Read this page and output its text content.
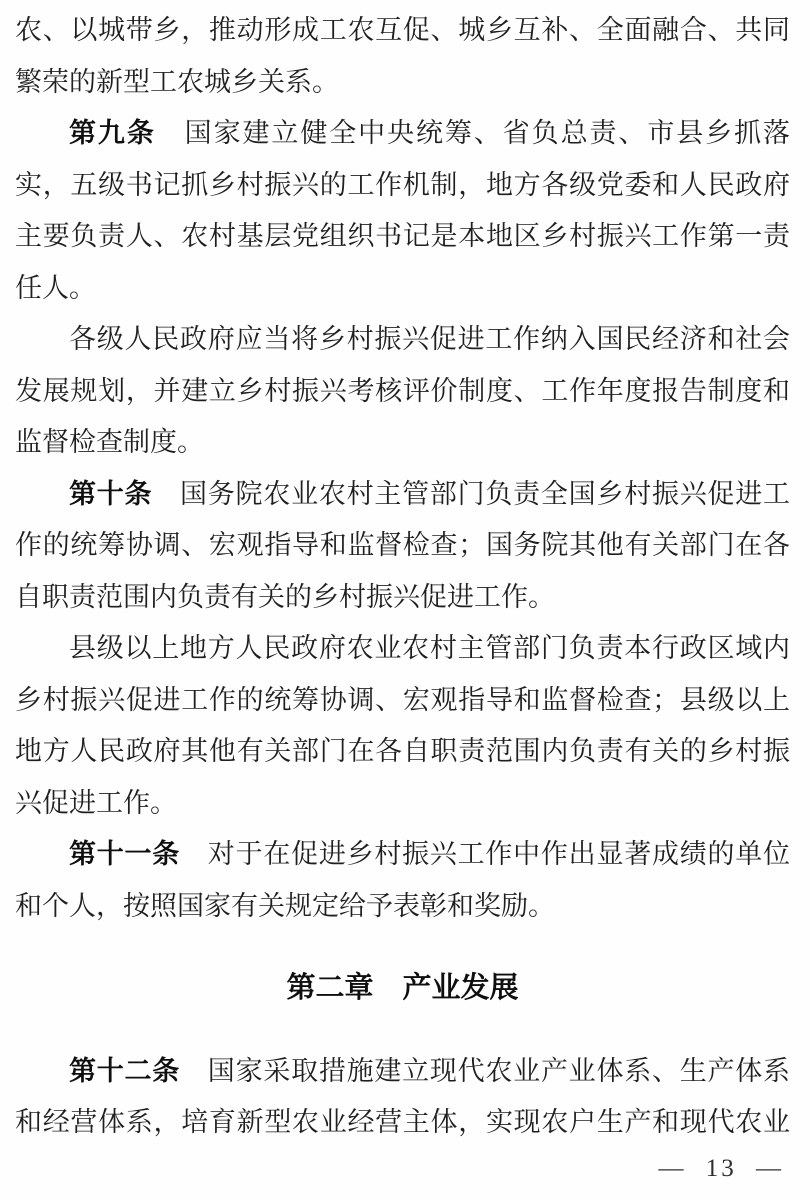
农、以城带乡，推动形成工农互促、城乡互补、全面融合、共同
繁荣的新型工农城乡关系。
第九条　国家建立健全中央统筹、省负总责、市县乡抓落
实，五级书记抓乡村振兴的工作机制，地方各级党委和人民政府
主要负责人、农村基层党组织书记是本地区乡村振兴工作第一责
任人。
各级人民政府应当将乡村振兴促进工作纳入国民经济和社会
发展规划，并建立乡村振兴考核评价制度、工作年度报告制度和
监督检查制度。
第十条　国务院农业农村主管部门负责全国乡村振兴促进工
作的统筹协调、宏观指导和监督检查；国务院其他有关部门在各
自职责范围内负责有关的乡村振兴促进工作。
县级以上地方人民政府农业农村主管部门负责本行政区域内
乡村振兴促进工作的统筹协调、宏观指导和监督检查；县级以上
地方人民政府其他有关部门在各自职责范围内负责有关的乡村振
兴促进工作。
第十一条　对于在促进乡村振兴工作中作出显著成绩的单位
和个人，按照国家有关规定给予表彰和奖励。
第二章　产业发展
第十二条　国家采取措施建立现代农业产业体系、生产体系
和经营体系，培育新型农业经营主体，实现农户生产和现代农业
— 13 —
